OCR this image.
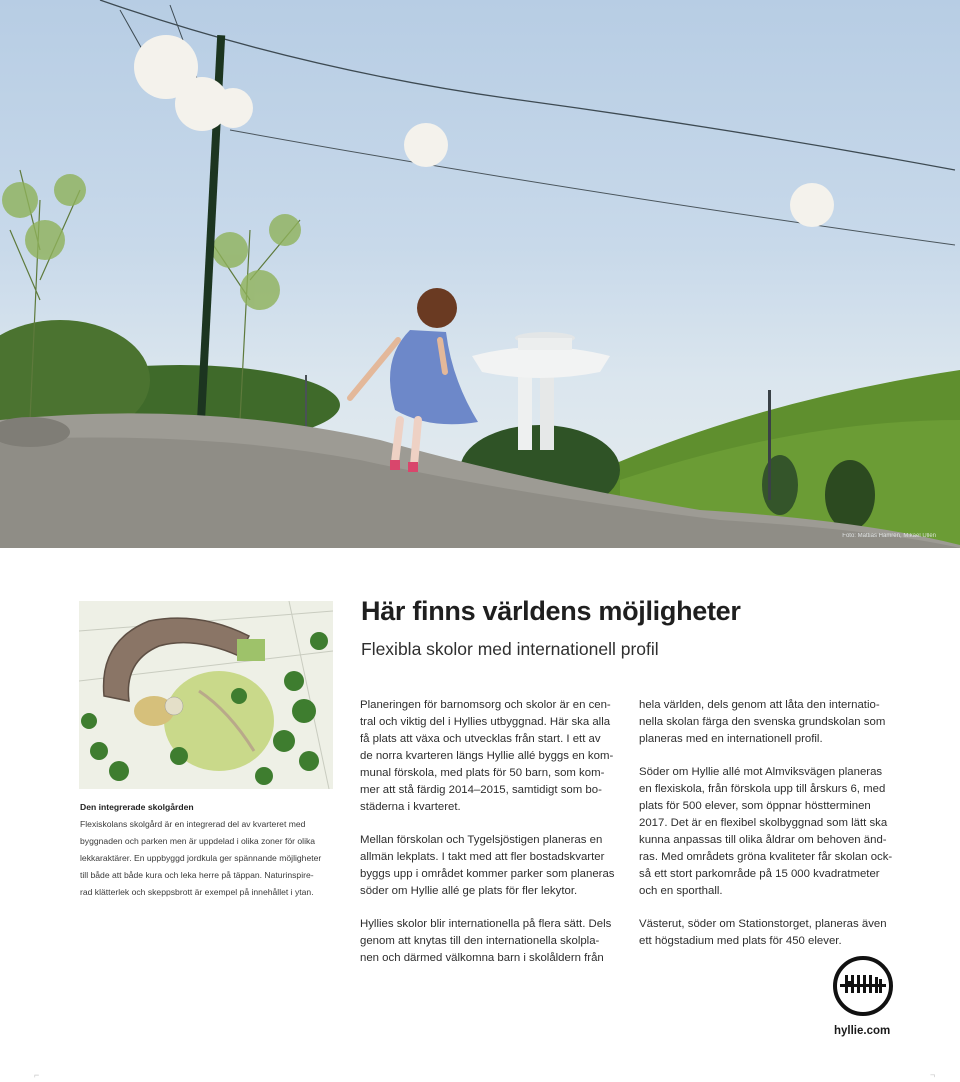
Foto: Mattias Hamrén, Mikael Ullén
Den integrerade skolgården
Flexiskolans skolgård är en integrerad del av kvarteret med
byggnaden och parken men är uppdelad i olika zoner för olika
lekkaraktärer. En uppbyggd jordkula ger spännande möjligheter
till både att både kura och leka herre på täppan. Naturinspire-
rad klätterlek och skeppsbrott är exempel på innehållet i ytan.
Här finns världens möjligheter
Flexibla skolor med internationell profil

Planeringen för barnomsorg och skolor är en cen-
tral och viktig del i Hyllies utbyggnad. Här ska alla
få plats att växa och utvecklas från start. I ett av
de norra kvarteren längs Hyllie allé byggs en kom-
munal förskola, med plats för 50 barn, som kom-
mer att stå färdig 2014–2015, samtidigt som bo-
städerna i kvarteret.

Mellan förskolan och Tygelsjöstigen planeras en
allmän lekplats. I takt med att fler bostadskvarter
byggs upp i området kommer parker som planeras
söder om Hyllie allé ge plats för fler lekytor.

Hyllies skolor blir internationella på flera sätt. Dels
genom att knytas till den internationella skolpla-
nen och därmed välkomna barn i skolåldern från

hela världen, dels genom att låta den internatio-
nella skolan färga den svenska grundskolan som
planeras med en internationell profil.

Söder om Hyllie allé mot Almviksvägen planeras
en flexiskola, från förskola upp till årskurs 6, med
plats för 500 elever, som öppnar höstterminen
2017. Det är en flexibel skolbyggnad som lätt ska
kunna anpassas till olika åldrar om behoven änd-
ras. Med områdets gröna kvaliteter får skolan ock-
så ett stort parkområde på 15 000 kvadratmeter
och en sporthall.

Västerut, söder om Stationstorget, planeras även
ett högstadium med plats för 450 elever.

hyllie.com
⌐	¬
